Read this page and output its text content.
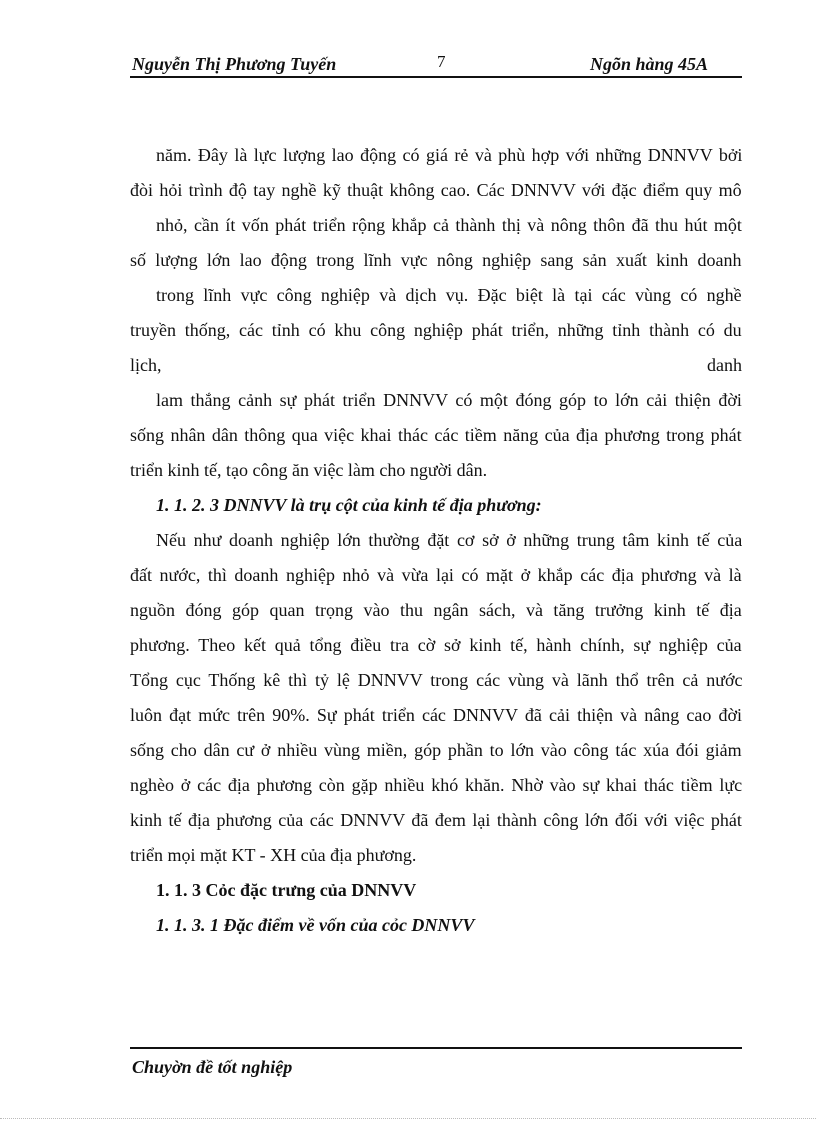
Nguyễn Thị Phương Tuyến	7	Ngõn hàng 45A
năm. Đây là lực lượng lao động có giá rẻ và phù hợp với những DNNVV bởi
đòi hỏi trình độ tay nghề kỹ thuật không cao. Các DNNVV với đặc điểm quy mô
nhỏ, cần ít vốn phát triển rộng khắp cả thành thị và nông thôn đã thu hút một
số lượng lớn lao động trong lĩnh vực nông nghiệp sang sản xuất kinh doanh
trong lĩnh vực công nghiệp và dịch vụ. Đặc biệt là tại các vùng có nghề
truyền thống, các tỉnh có khu công nghiệp phát triển, những tỉnh thành có du
lịch,	danh
lam thắng cảnh sự phát triển DNNVV có một đóng góp to lớn cải thiện đời
sống nhân dân thông qua việc khai thác các tiềm năng của địa phương trong phát
triển kinh tế, tạo công ăn việc làm cho người dân.
1. 1. 2. 3 DNNVV là trụ cột của kinh tế địa phương:
Nếu như doanh nghiệp lớn thường đặt cơ sở ở những trung tâm kinh tế của
đất nước, thì doanh nghiệp nhỏ và vừa lại có mặt ở khắp các địa phương và là
nguồn đóng góp quan trọng vào thu ngân sách, và tăng trưởng kinh tế địa
phương. Theo kết quả tổng điều tra cờ sở kinh tế, hành chính, sự nghiệp của
Tổng cục Thống kê thì tỷ lệ DNNVV trong các vùng và lãnh thổ trên cả nước
luôn đạt mức trên 90%. Sự phát triển các DNNVV đã cải thiện và nâng cao đời
sống cho dân cư ở nhiều vùng miền, góp phần to lớn vào công tác xúa đói giảm
nghèo ở các địa phương còn gặp nhiều khó khăn. Nhờ vào sự khai thác tiềm lực
kinh tế địa phương của các DNNVV đã đem lại thành công lớn đối với việc phát
triển mọi mặt KT - XH của địa phương.
1. 1. 3 Cỏc đặc trưng của DNNVV
1. 1. 3. 1 Đặc điểm về vốn của cỏc DNNVV
Chuyờn đề tốt nghiệp
